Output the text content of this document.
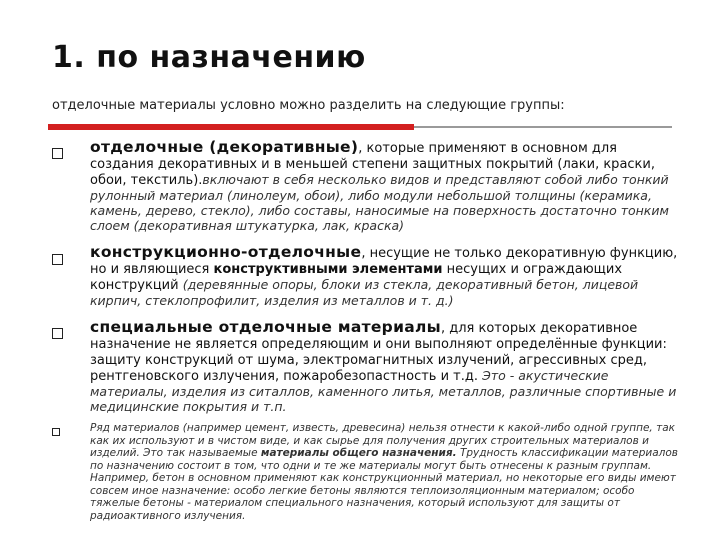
1. по назначению
отделочные материалы условно можно разделить на следующие группы:
отделочные (декоративные), которые применяют в основном для создания декоративных и в меньшей степени защитных покрытий (лаки, краски, обои, текстиль).включают в себя несколько видов и представляют собой либо тонкий рулонный материал (линолеум, обои), либо модули небольшой толщины (керамика, камень, дерево, стекло), либо составы, наносимые на поверхность достаточно тонким слоем (декоративная штукатурка, лак, краска)
конструкционно-отделочные, несущие не только декоративную функцию, но и являющиеся конструктивными элементами несущих и ограждающих конструкций (деревянные опоры, блоки из стекла, декоративный бетон, лицевой кирпич, стеклопрофилит, изделия из металлов и т. д.)
специальные отделочные материалы, для которых декоративное назначение не является определяющим и они выполняют определённые функции: защиту конструкций от шума, электромагнитных излучений, агрессивных сред, рентгеновского излучения, пожаробезопастность и т.д. Это - акустические материалы, изделия из ситаллов, каменного литья, металлов, различные спортивные и медицинские покрытия и т.п.
Ряд материалов (например цемент, известь, древесина) нельзя отнести к какой-либо одной группе, так как их используют и в чистом виде, и как сырье для получения других строительных материалов и изделий. Это так называемые материалы общего назначения. Трудность классификации материалов по назначению состоит в том, что одни и те же материалы могут быть отнесены к разным группам. Например, бетон в основном применяют как конструкционный материал, но некоторые его виды имеют совсем иное назначение: особо легкие бетоны являются теплоизоляционным материалом; особо тяжелые бетоны - материалом специального назначения, который используют для защиты от радиоактивного излучения.
